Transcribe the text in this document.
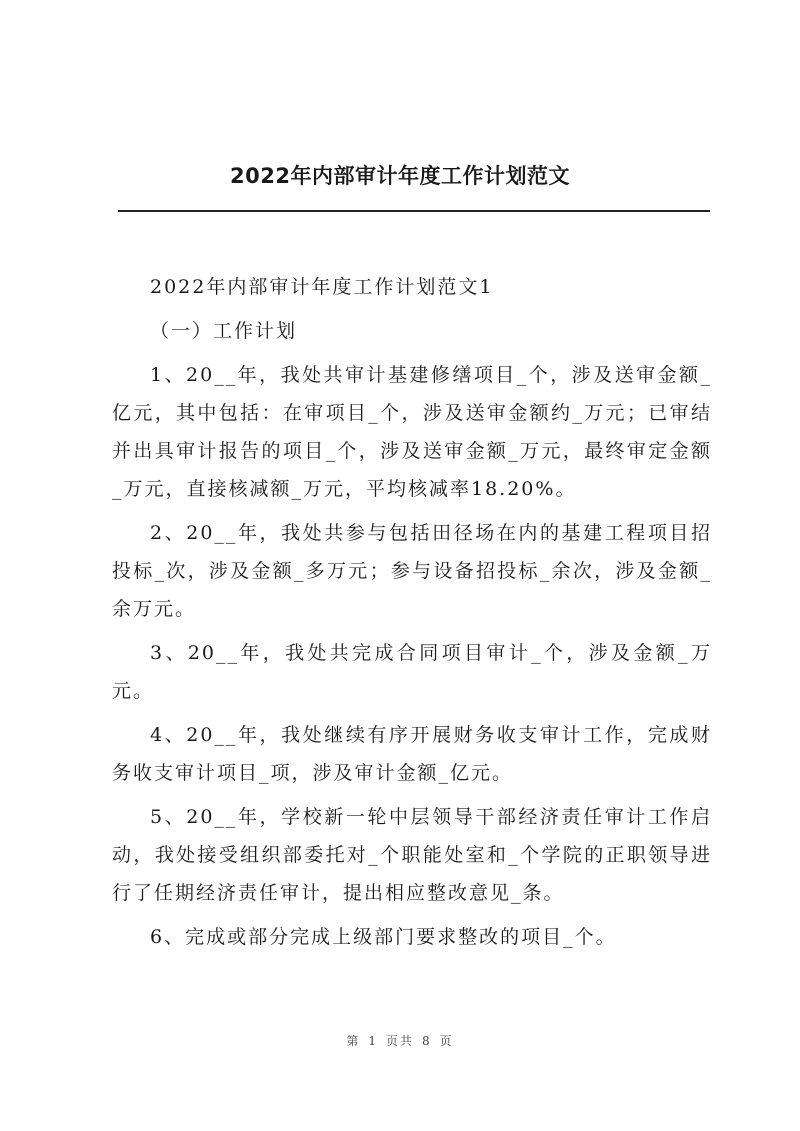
2022年内部审计年度工作计划范文

2022年内部审计年度工作计划范文1

（一）工作计划

1、20__年，我处共审计基建修缮项目_个，涉及送审金额_亿元，其中包括：在审项目_个，涉及送审金额约_万元；已审结并出具审计报告的项目_个，涉及送审金额_万元，最终审定金额_万元，直接核减额_万元，平均核减率18.20%。

2、20__年，我处共参与包括田径场在内的基建工程项目招投标_次，涉及金额_多万元；参与设备招投标_余次，涉及金额_余万元。

3、20__年，我处共完成合同项目审计_个，涉及金额_万元。

4、20__年，我处继续有序开展财务收支审计工作，完成财务收支审计项目_项，涉及审计金额_亿元。

5、20__年，学校新一轮中层领导干部经济责任审计工作启动，我处接受组织部委托对_个职能处室和_个学院的正职领导进行了任期经济责任审计，提出相应整改意见_条。

6、完成或部分完成上级部门要求整改的项目_个。

第 1 页共 8 页
